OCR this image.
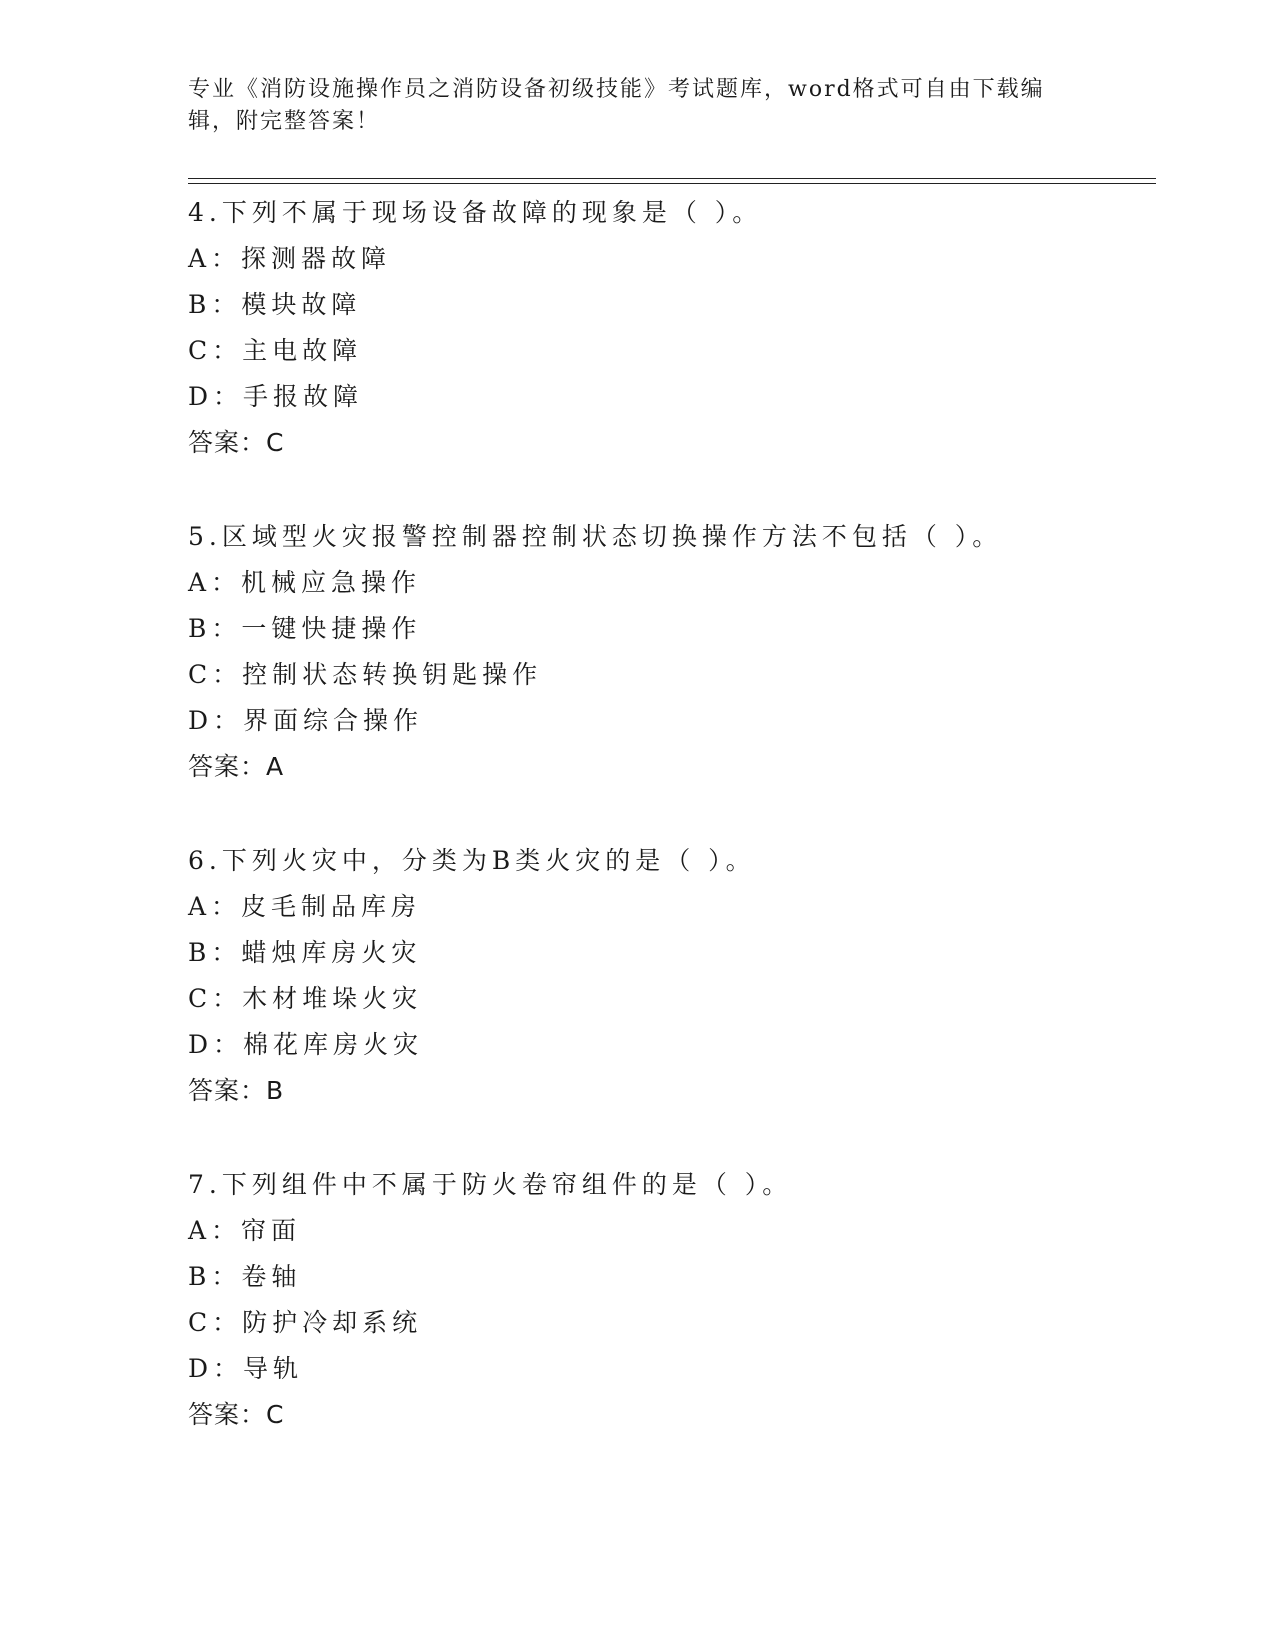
专业《消防设施操作员之消防设备初级技能》考试题库，word格式可自由下载编辑，附完整答案！
4.下列不属于现场设备故障的现象是（ ）。
A：探测器故障
B：模块故障
C：主电故障
D：手报故障
答案：C
5.区域型火灾报警控制器控制状态切换操作方法不包括（ ）。
A：机械应急操作
B：一键快捷操作
C：控制状态转换钥匙操作
D：界面综合操作
答案：A
6.下列火灾中，分类为B类火灾的是（ ）。
A：皮毛制品库房
B：蜡烛库房火灾
C：木材堆垛火灾
D：棉花库房火灾
答案：B
7.下列组件中不属于防火卷帘组件的是（ ）。
A：帘面
B：卷轴
C：防护冷却系统
D：导轨
答案：C
